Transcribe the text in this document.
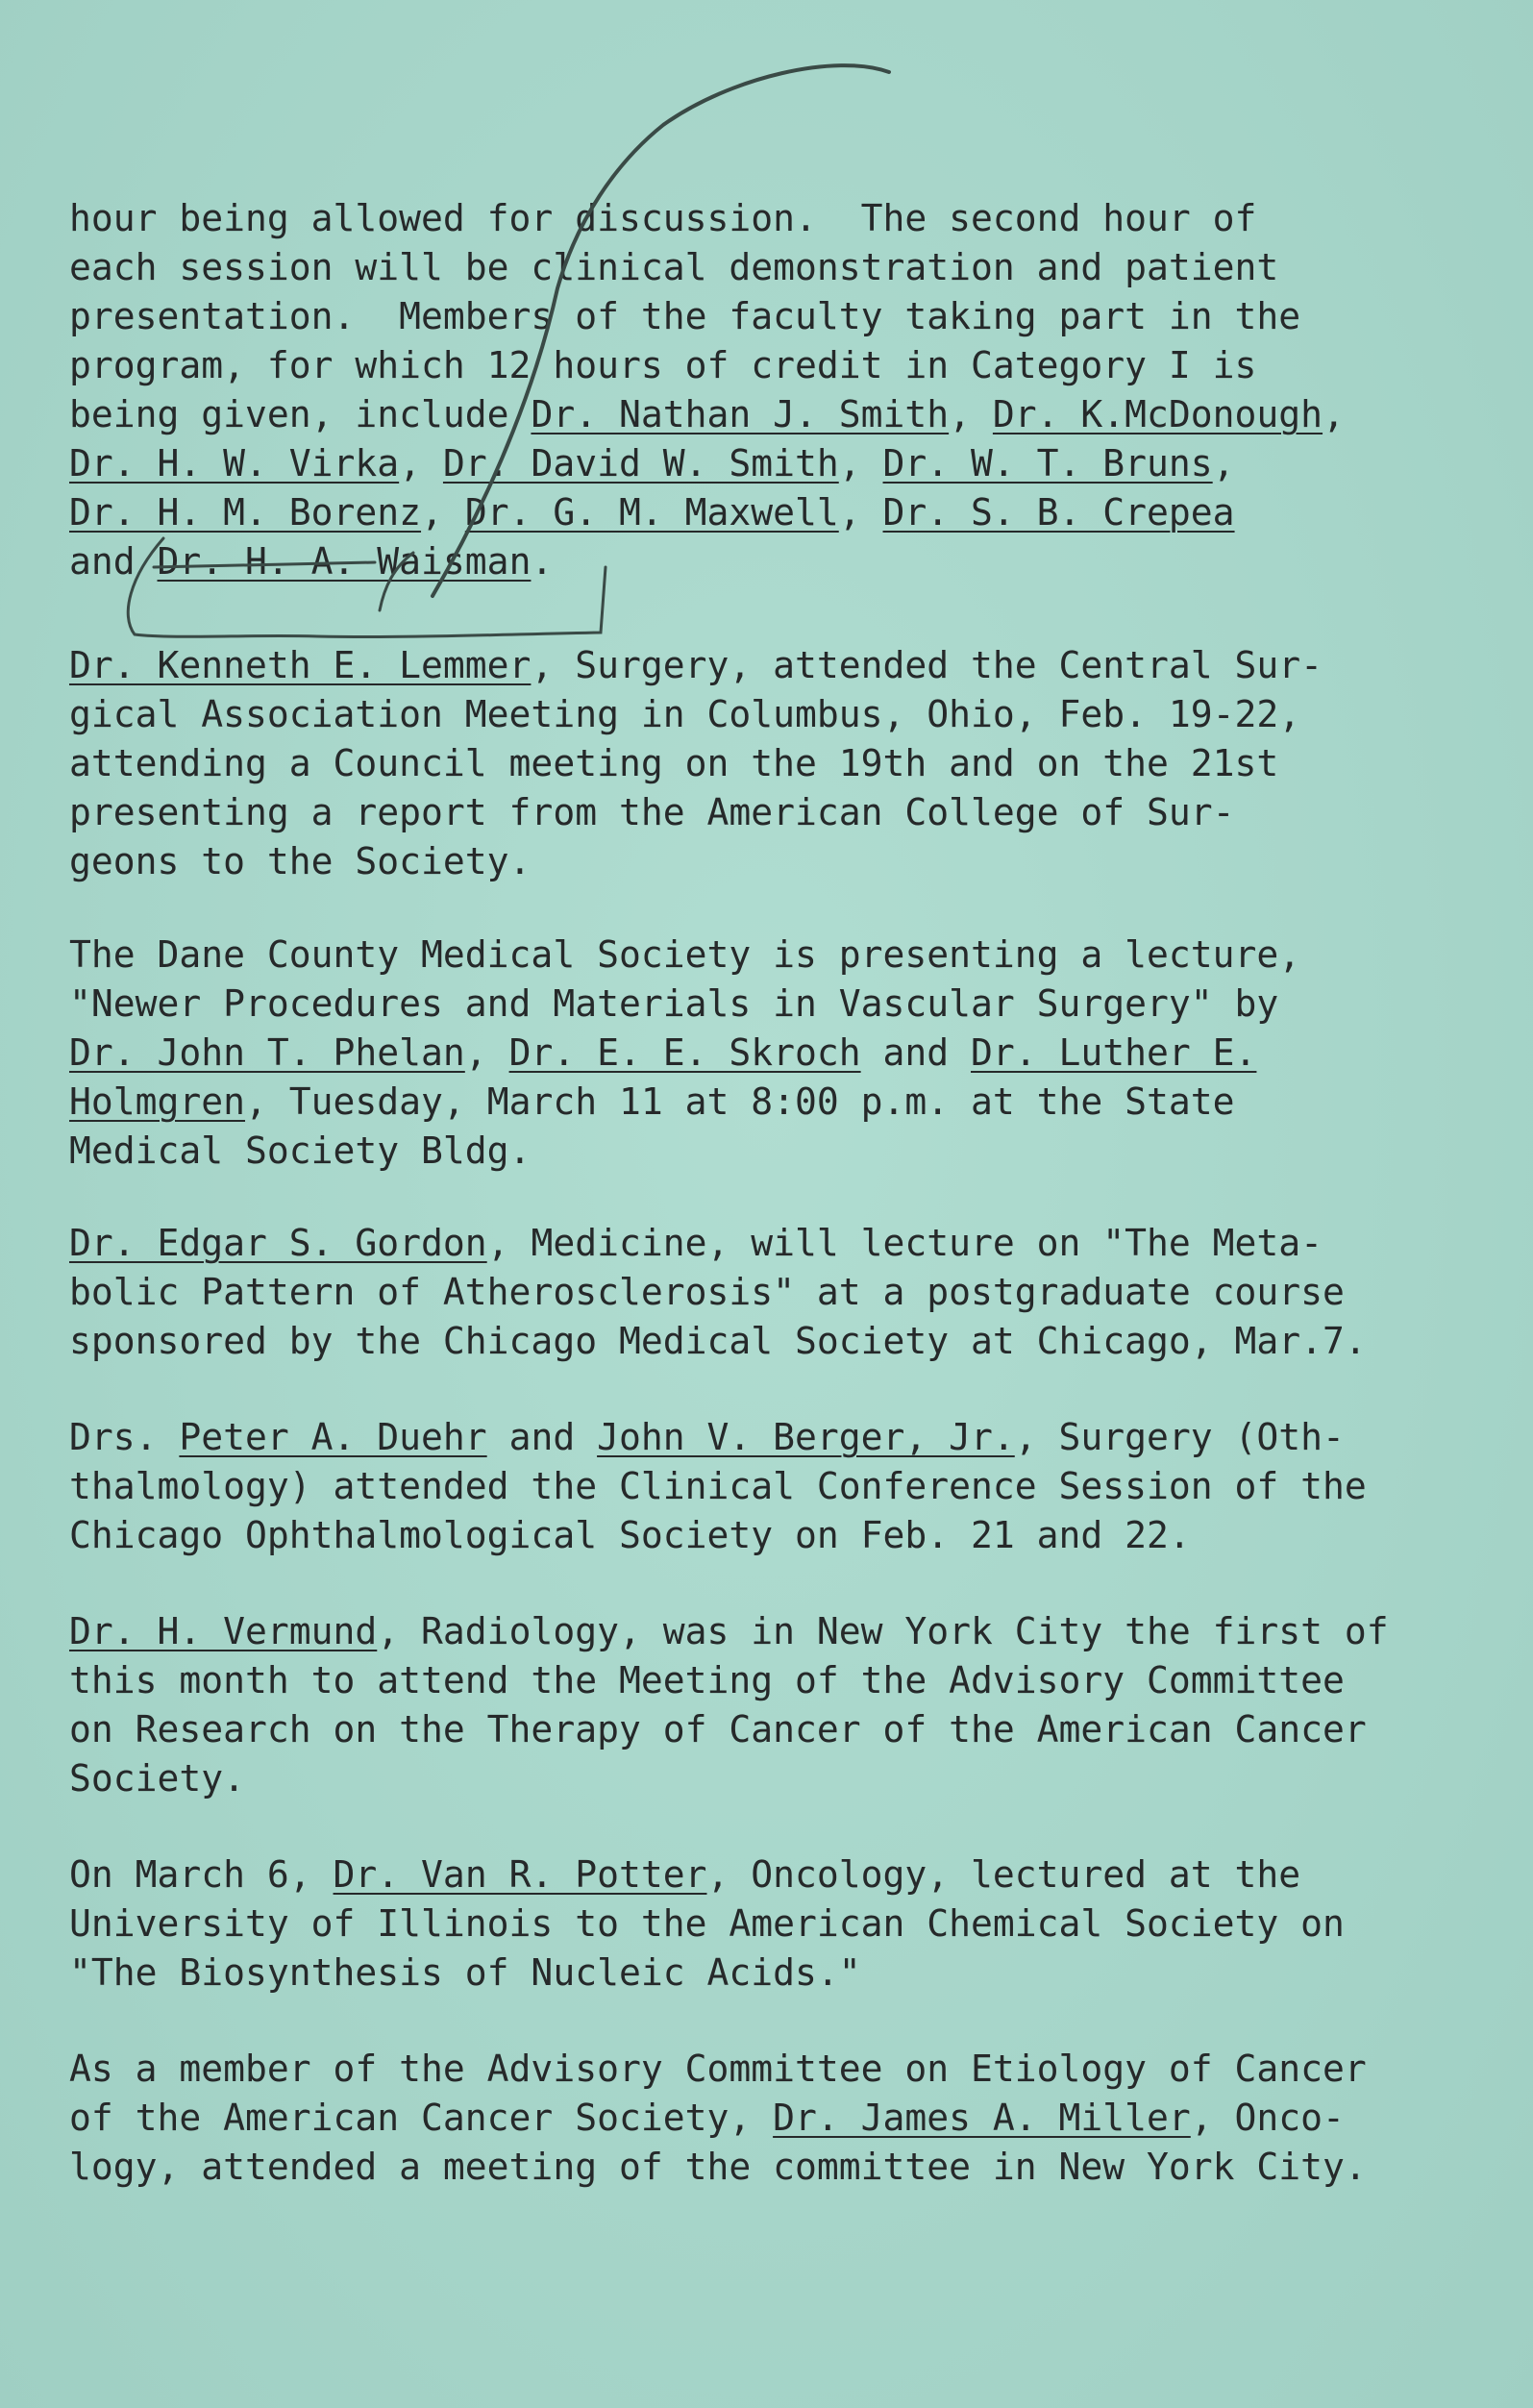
hour being allowed for discussion.  The second hour of
each session will be clinical demonstration and patient
presentation.  Members of the faculty taking part in the
program, for which 12 hours of credit in Category I is
being given, include Dr. Nathan J. Smith, Dr. K.McDonough,
Dr. H. W. Virka, Dr. David W. Smith, Dr. W. T. Bruns,
Dr. H. M. Borenz, Dr. G. M. Maxwell, Dr. S. B. Crepea
and Dr. H. A. Waisman.
Dr. Kenneth E. Lemmer, Surgery, attended the Central Sur-
gical Association Meeting in Columbus, Ohio, Feb. 19-22,
attending a Council meeting on the 19th and on the 21st
presenting a report from the American College of Sur-
geons to the Society.
The Dane County Medical Society is presenting a lecture,
"Newer Procedures and Materials in Vascular Surgery" by
Dr. John T. Phelan, Dr. E. E. Skroch and Dr. Luther E.
Holmgren, Tuesday, March 11 at 8:00 p.m. at the State
Medical Society Bldg.
Dr. Edgar S. Gordon, Medicine, will lecture on "The Meta-
bolic Pattern of Atherosclerosis" at a postgraduate course
sponsored by the Chicago Medical Society at Chicago, Mar.7.
Drs. Peter A. Duehr and John V. Berger, Jr., Surgery (Oth-
thalmology) attended the Clinical Conference Session of the
Chicago Ophthalmological Society on Feb. 21 and 22.
Dr. H. Vermund, Radiology, was in New York City the first of
this month to attend the Meeting of the Advisory Committee
on Research on the Therapy of Cancer of the American Cancer
Society.
On March 6, Dr. Van R. Potter, Oncology, lectured at the
University of Illinois to the American Chemical Society on
"The Biosynthesis of Nucleic Acids."
As a member of the Advisory Committee on Etiology of Cancer
of the American Cancer Society, Dr. James A. Miller, Onco-
logy, attended a meeting of the committee in New York City.
